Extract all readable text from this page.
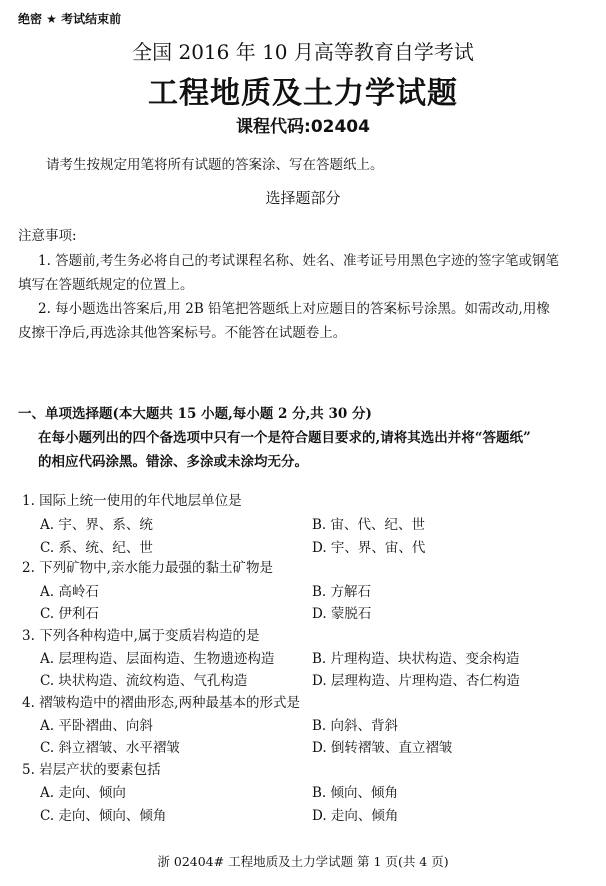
绝密 ★ 考试结束前
全国 2016 年 10 月高等教育自学考试
工程地质及土力学试题
课程代码:02404
请考生按规定用笔将所有试题的答案涂、写在答题纸上。
选择题部分
注意事项:
1. 答题前,考生务必将自己的考试课程名称、姓名、准考证号用黑色字迹的签字笔或钢笔
填写在答题纸规定的位置上。
2. 每小题选出答案后,用 2B 铅笔把答题纸上对应题目的答案标号涂黑。如需改动,用橡
皮擦干净后,再选涂其他答案标号。不能答在试题卷上。
一、单项选择题(本大题共 15 小题,每小题 2 分,共 30 分)
在每小题列出的四个备选项中只有一个是符合题目要求的,请将其选出并将“答题纸”
的相应代码涂黑。错涂、多涂或未涂均无分。
1. 国际上统一使用的年代地层单位是
A. 宇、界、系、统	B. 宙、代、纪、世
C. 系、统、纪、世	D. 宇、界、宙、代
2. 下列矿物中,亲水能力最强的黏土矿物是
A. 高岭石	B. 方解石
C. 伊利石	D. 蒙脱石
3. 下列各种构造中,属于变质岩构造的是
A. 层理构造、层面构造、生物遗迹构造	B. 片理构造、块状构造、变余构造
C. 块状构造、流纹构造、气孔构造	D. 层理构造、片理构造、杏仁构造
4. 褶皱构造中的褶曲形态,两种最基本的形式是
A. 平卧褶曲、向斜	B. 向斜、背斜
C. 斜立褶皱、水平褶皱	D. 倒转褶皱、直立褶皱
5. 岩层产状的要素包括
A. 走向、倾向	B. 倾向、倾角
C. 走向、倾向、倾角	D. 走向、倾角
浙 02404# 工程地质及土力学试题 第 1 页(共 4 页)
